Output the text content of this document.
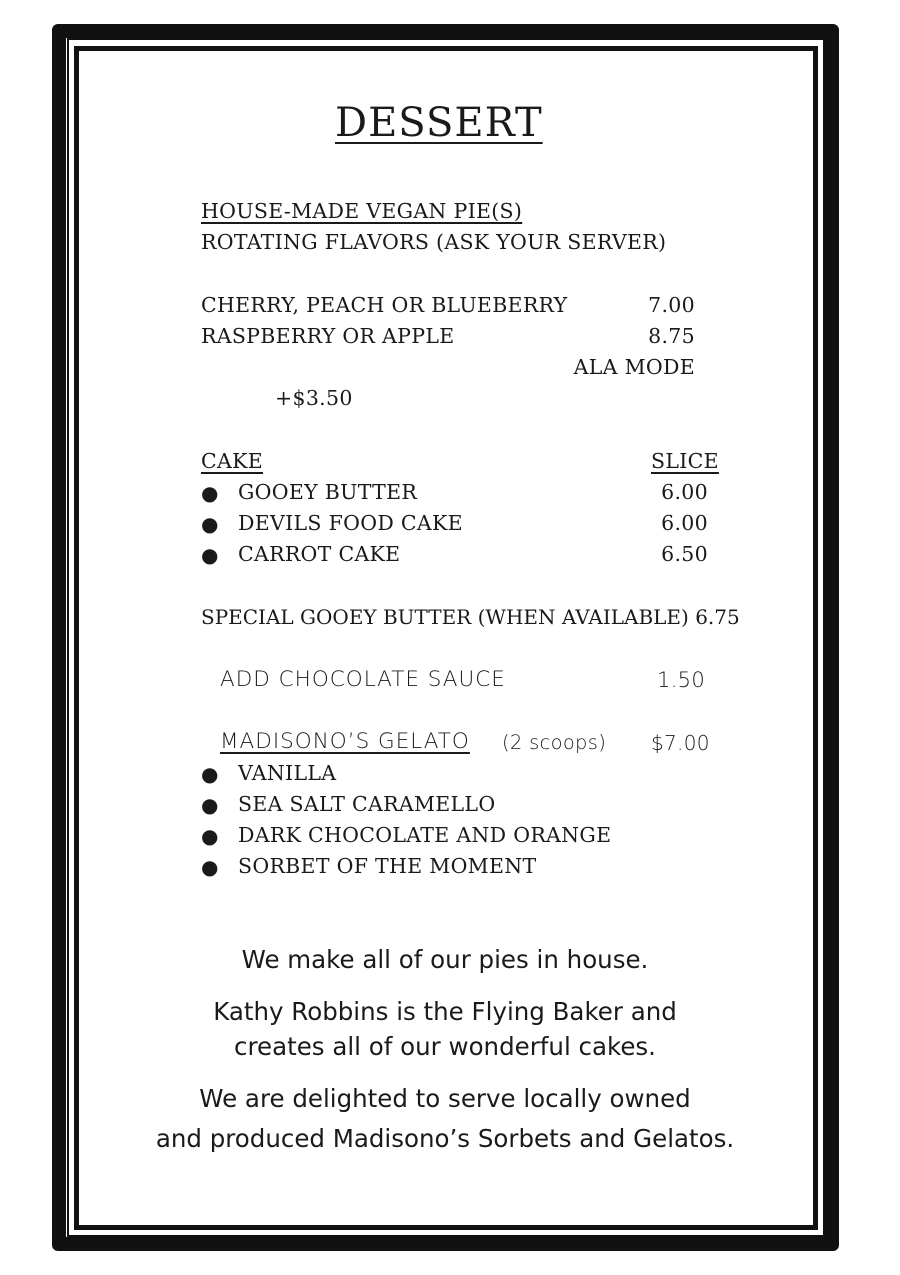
DESSERT
HOUSE-MADE VEGAN PIE(S)
ROTATING FLAVORS (ASK YOUR SERVER)
CHERRY, PEACH OR BLUEBERRY	7.00
RASPBERRY OR APPLE	8.75
ALA MODE
+$3.50
CAKE	SLICE
● GOOEY BUTTER	6.00
● DEVILS FOOD CAKE	6.00
● CARROT CAKE	6.50
SPECIAL GOOEY BUTTER (WHEN AVAILABLE) 6.75
ADD CHOCOLATE SAUCE	1.50
MADISONO’S GELATO (2 scoops) $7.00
● VANILLA
● SEA SALT CARAMELLO
● DARK CHOCOLATE AND ORANGE
● SORBET OF THE MOMENT
We make all of our pies in house.
Kathy Robbins is the Flying Baker and
creates all of our wonderful cakes.
We are delighted to serve locally owned
and produced Madisono’s Sorbets and Gelatos.
